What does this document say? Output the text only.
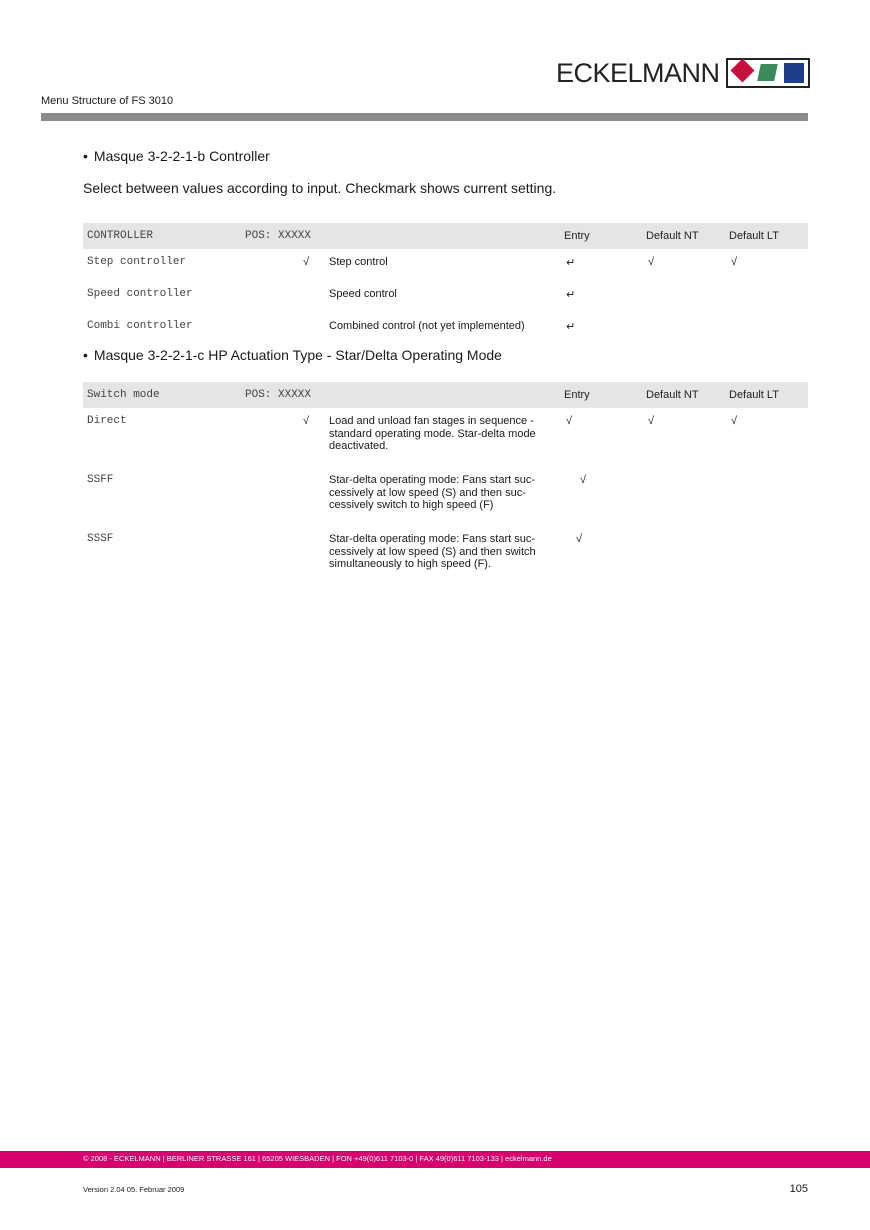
ECKELMANN
Menu Structure of FS 3010
• Masque 3-2-2-1-b Controller
Select between values according to input. Checkmark shows current setting.
CONTROLLER	POS: XXXXX		Entry	Default NT	Default LT
Step controller	√	Step control	↵	√	√
Speed controller		Speed control	↵		
Combi controller		Combined control (not yet implemented)	↵		
• Masque 3-2-2-1-c HP Actuation Type - Star/Delta Operating Mode
Switch mode	POS: XXXXX		Entry	Default NT	Default LT
Direct	√	Load and unload fan stages in sequence -
standard operating mode. Star-delta mode
deactivated.	√	√	√
SSFF		Star-delta operating mode: Fans start suc-
cessively at low speed (S) and then suc-
cessively switch to high speed (F)	√		
SSSF		Star-delta operating mode: Fans start suc-
cessively at low speed (S) and then switch
simultaneously to high speed (F).	√		
© 2008 - ECKELMANN | BERLINER STRASSE 161 | 65205 WIESBADEN | FON +49(0)611 7103-0 | FAX 49(0)611 7103-133 | eckelmann.de
Version 2.04 05. Februar 2009	105
